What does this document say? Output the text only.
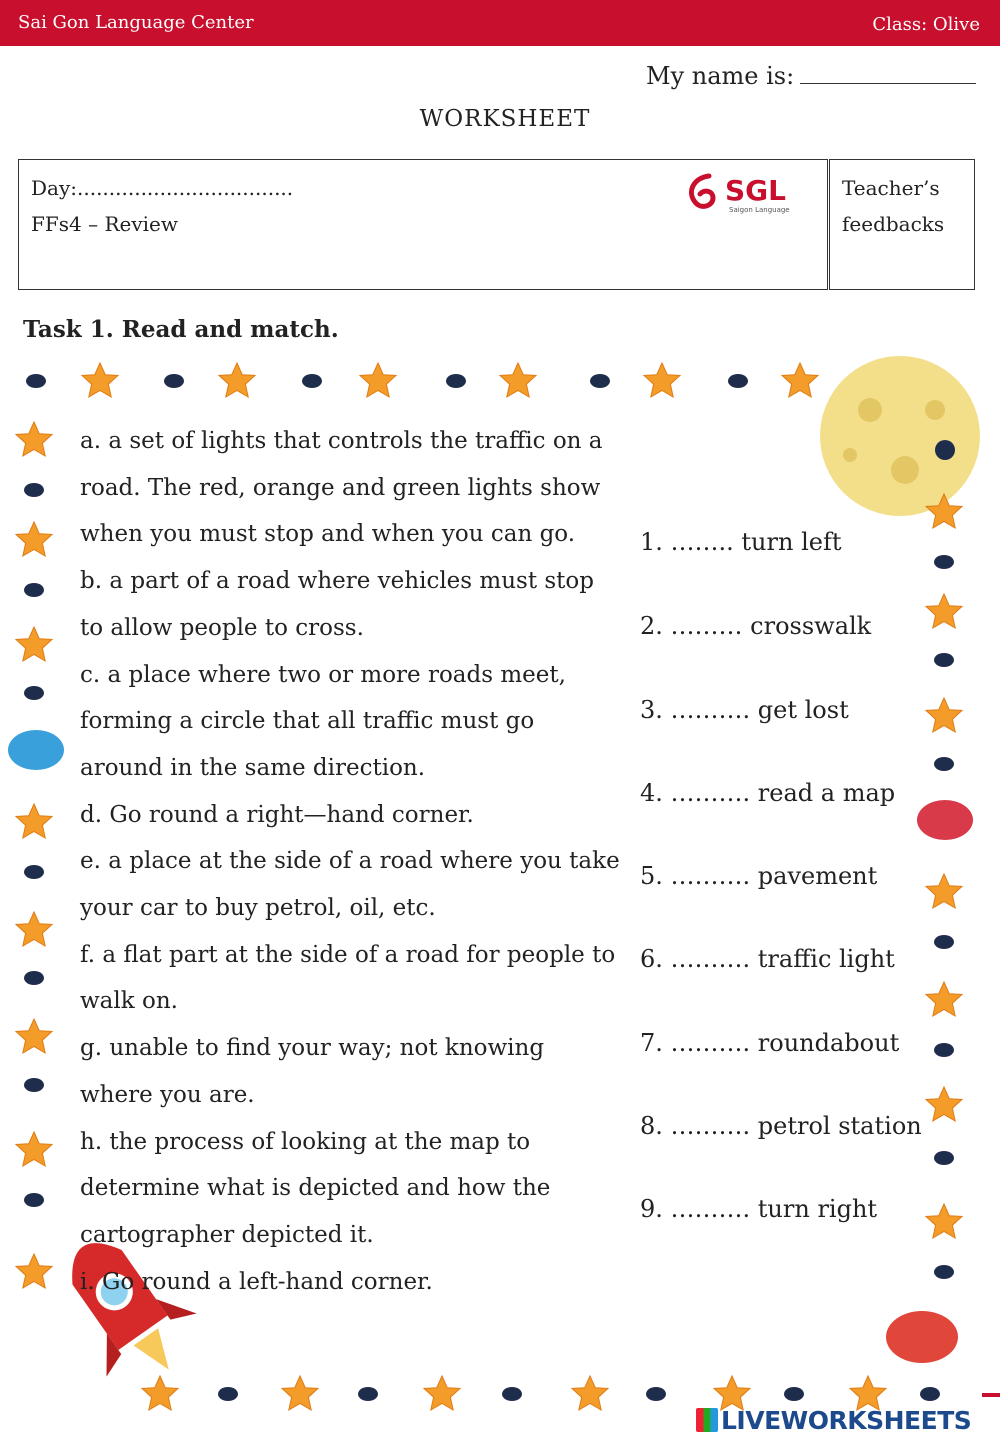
Sai Gon Language Center	Class: Olive
My name is:
WORKSHEET
Day:..................................
FFs4 – Review
SGL
Saigon Language
Teacher’s
feedbacks
Task 1. Read and match.

a. a set of lights that controls the traffic on a road. The red, orange and green lights show when you must stop and when you can go.

b. a part of a road where vehicles must stop to allow people to cross.

c. a place where two or more roads meet, forming a circle that all traffic must go around in the same direction.

d. Go round a right—hand corner.

e. a place at the side of a road where you take your car to buy petrol, oil, etc.

f. a flat part at the side of a road for people to walk on.

g. unable to find your way; not knowing where you are.

h. the process of looking at the map to determine what is depicted and how the cartographer depicted it.

i. Go round a left-hand corner.

1. …….. turn left
2. ……… crosswalk
3. ………. get lost
4. ………. read a map
5. ………. pavement
6. ………. traffic light
7. ………. roundabout
8. ………. petrol station
9. ………. turn right
LIVEWORKSHEETS
